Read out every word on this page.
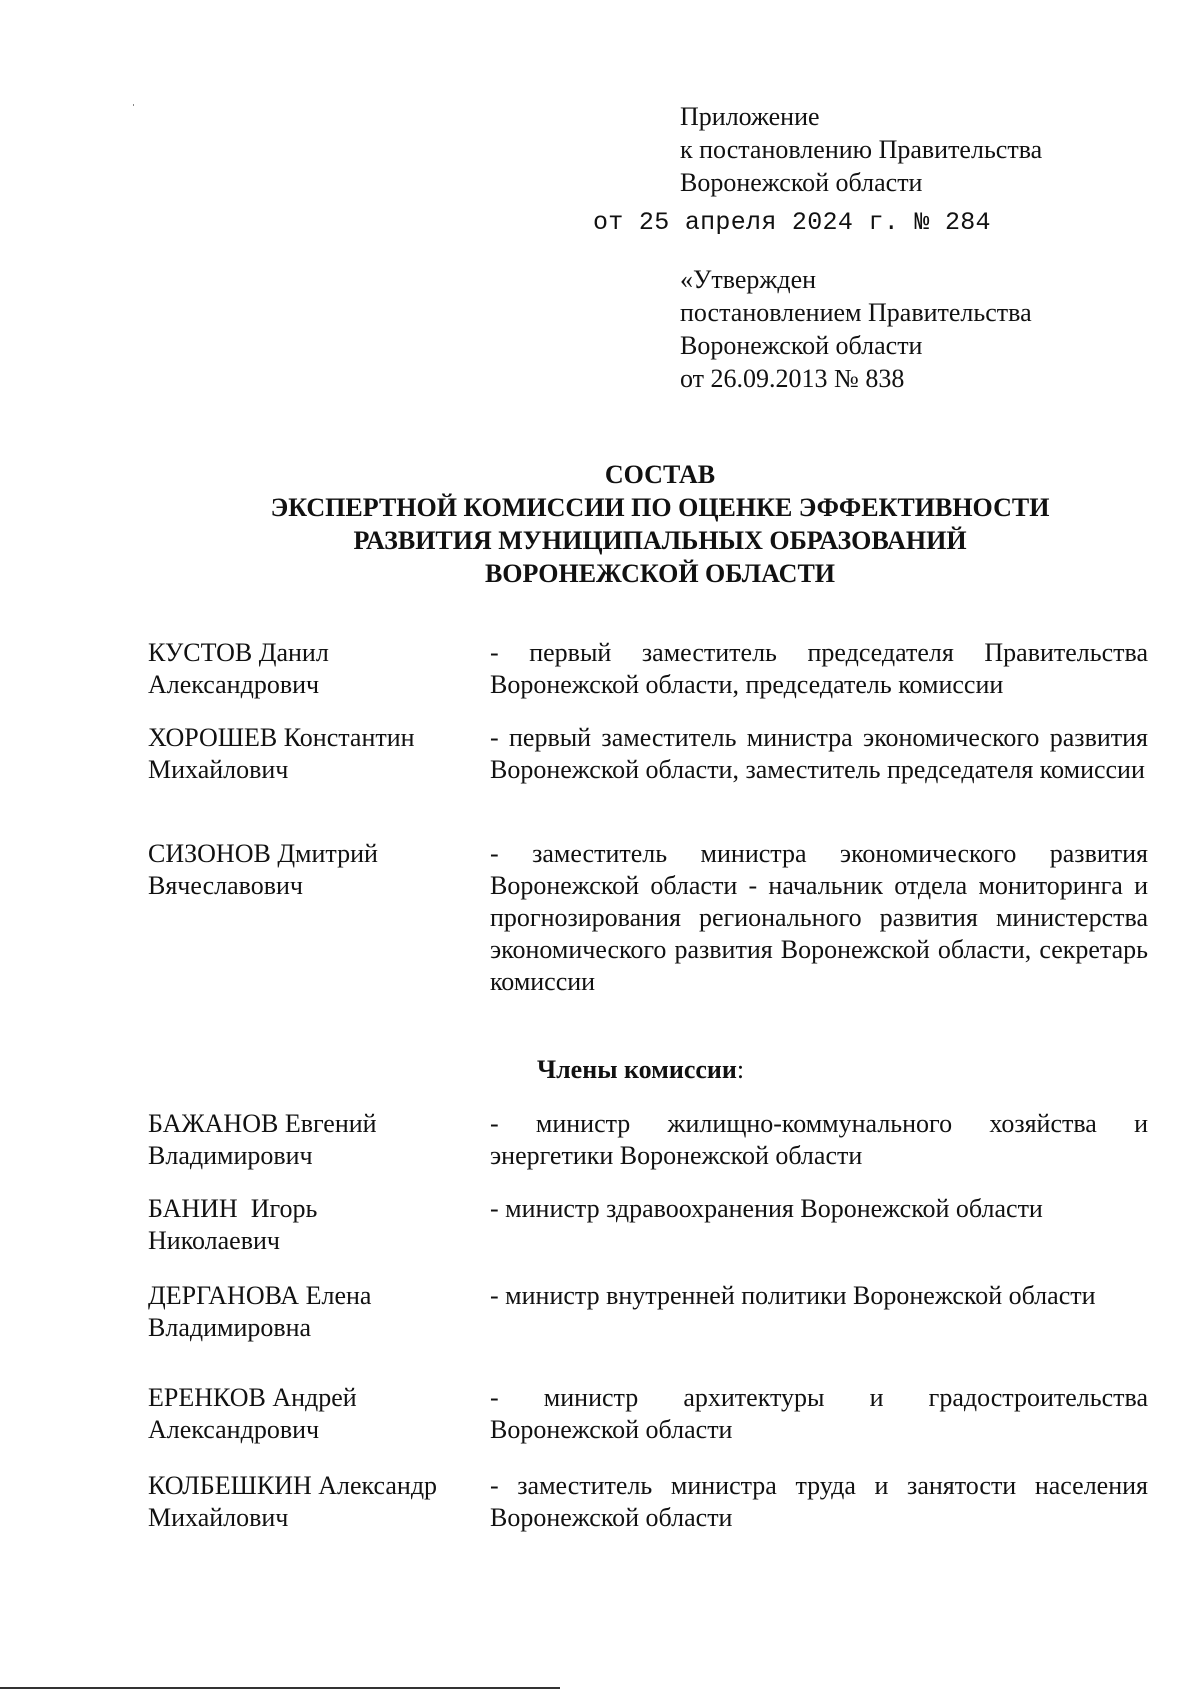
Приложение
к постановлению Правительства
Воронежской области
от 25 апреля 2024 г. № 284
«Утвержден
постановлением Правительства
Воронежской области
от 26.09.2013 № 838
СОСТАВ
ЭКСПЕРТНОЙ КОМИССИИ ПО ОЦЕНКЕ ЭФФЕКТИВНОСТИ
РАЗВИТИЯ МУНИЦИПАЛЬНЫХ ОБРАЗОВАНИЙ
ВОРОНЕЖСКОЙ ОБЛАСТИ
КУСТОВ Данил
Александрович
- первый заместитель председателя Правительства Воронежской области, председатель комиссии
ХОРОШЕВ Константин
Михайлович
- первый заместитель министра экономического развития Воронежской области, заместитель председателя комиссии
СИЗОНОВ Дмитрий
Вячеславович
- заместитель министра экономического развития Воронежской области - начальник отдела мониторинга и прогнозирования регионального развития министерства экономического развития Воронежской области, секретарь комиссии
Члены комиссии:
БАЖАНОВ Евгений
Владимирович
- министр жилищно-коммунального хозяйства и энергетики Воронежской области
БАНИН  Игорь
Николаевич
- министр здравоохранения Воронежской области
ДЕРГАНОВА Елена
Владимировна
- министр внутренней политики Воронежской области
ЕРЕНКОВ Андрей
Александрович
- министр архитектуры и градостроительства Воронежской области
КОЛБЕШКИН Александр
Михайлович
- заместитель министра труда и занятости населения Воронежской области
